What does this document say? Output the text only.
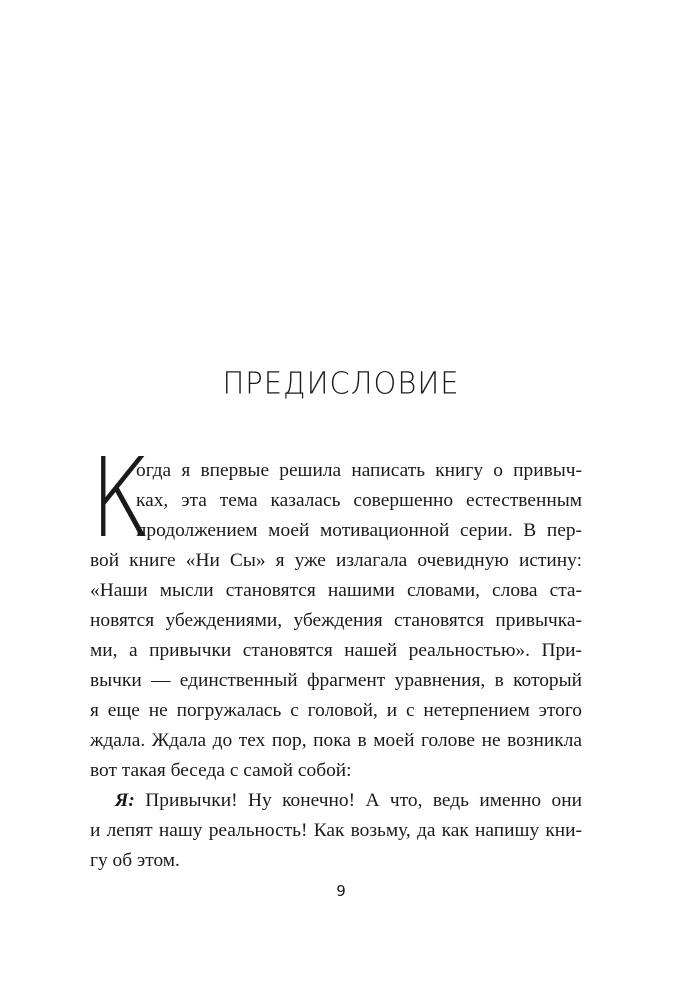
ПРЕДИСЛОВИЕ
К
огда я впервые решила написать книгу о привыч-
ках, эта тема казалась совершенно естественным
продолжением моей мотивационной серии. В пер-
вой книге «Ни Сы» я уже излагала очевидную истину:
«Наши мысли становятся нашими словами, слова ста-
новятся убеждениями, убеждения становятся привычка-
ми, а привычки становятся нашей реальностью». При-
вычки — единственный фрагмент уравнения, в который
я еще не погружалась с головой, и с нетерпением этого
ждала. Ждала до тех пор, пока в моей голове не возникла
вот такая беседа с самой собой:
Я: Привычки! Ну конечно! А что, ведь именно они
и лепят нашу реальность! Как возьму, да как напишу кни-
гу об этом.
9
